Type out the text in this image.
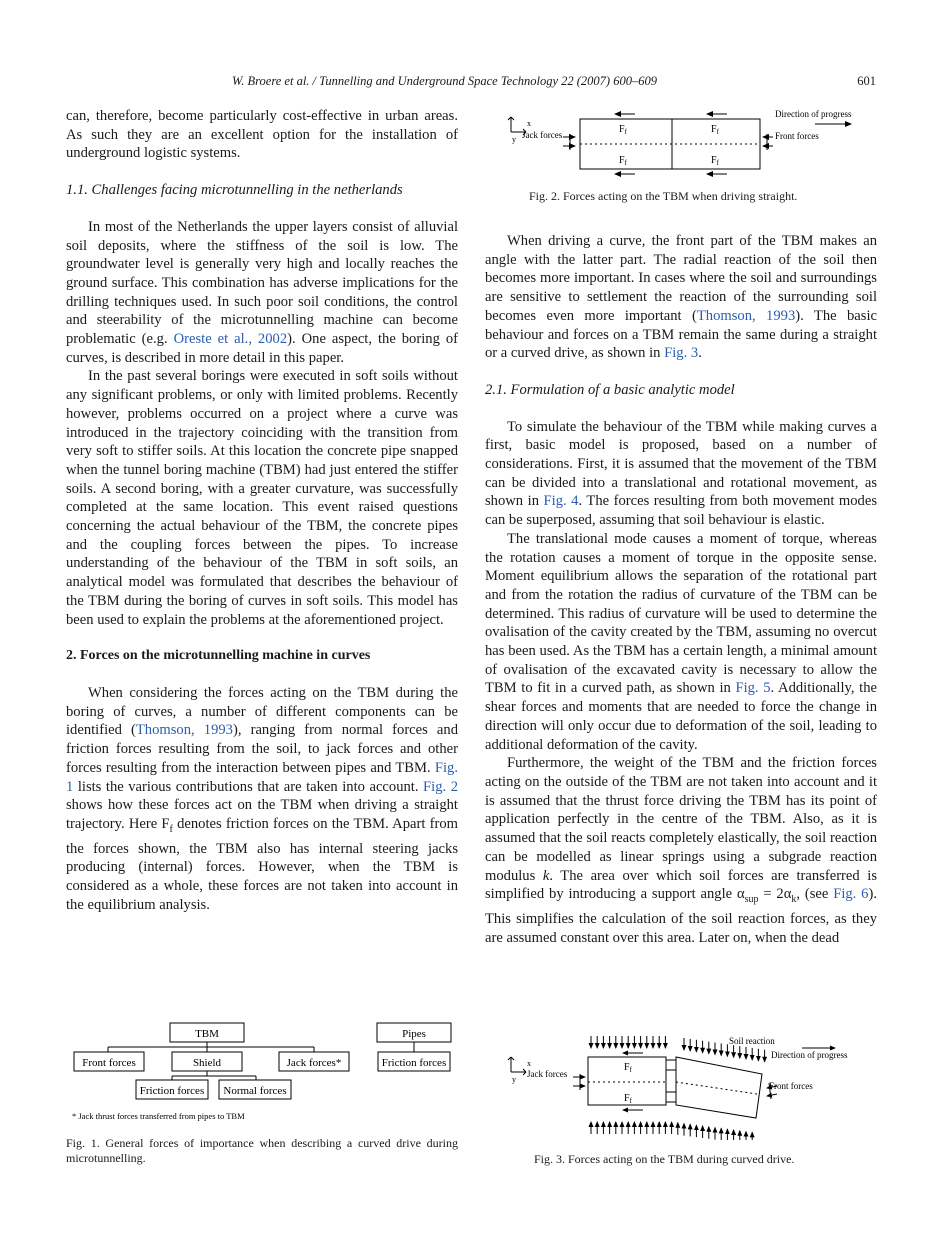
W. Broere et al. / Tunnelling and Underground Space Technology 22 (2007) 600–609	601

can, therefore, become particularly cost-effective in urban areas. As such they are an excellent option for the installation of underground logistic systems.

1.1. Challenges facing microtunnelling in the netherlands

In most of the Netherlands the upper layers consist of alluvial soil deposits, where the stiffness of the soil is low. The groundwater level is generally very high and locally reaches the ground surface. This combination has adverse implications for the drilling techniques used. In such poor soil conditions, the control and steerability of the microtunnelling machine can become problematic (e.g. Oreste et al., 2002). One aspect, the boring of curves, is described in more detail in this paper.

In the past several borings were executed in soft soils without any significant problems, or only with limited problems. Recently however, problems occurred on a project where a curve was introduced in the trajectory coinciding with the transition from very soft to stiffer soils. At this location the concrete pipe snapped when the tunnel boring machine (TBM) had just entered the stiffer soils. A second boring, with a greater curvature, was successfully completed at the same location. This event raised questions concerning the actual behaviour of the TBM, the concrete pipes and the coupling forces between the pipes. To increase understanding of the behaviour of the TBM in soft soils, an analytical model was formulated that describes the behaviour of the TBM during the boring of curves in soft soils. This model has been used to explain the problems at the aforementioned project.

2. Forces on the microtunnelling machine in curves

When considering the forces acting on the TBM during the boring of curves, a number of different components can be identified (Thomson, 1993), ranging from normal forces and friction forces resulting from the soil, to jack forces and other forces resulting from the interaction between pipes and TBM. Fig. 1 lists the various contributions that are taken into account. Fig. 2 shows how these forces act on the TBM when driving a straight trajectory. Here $F_f$ denotes friction forces on the TBM. Apart from the forces shown, the TBM also has internal steering jacks producing (internal) forces. However, when the TBM is considered as a whole, these forces are not taken into account in the equilibrium analysis.

When driving a curve, the front part of the TBM makes an angle with the latter part. The radial reaction of the soil then becomes more important. In cases where the soil and surroundings are sensitive to settlement the reaction of the surrounding soil becomes even more important (Thomson, 1993). The basic behaviour and forces on a TBM remain the same during a straight or a curved drive, as shown in Fig. 3.

2.1. Formulation of a basic analytic model

To simulate the behaviour of the TBM while making curves a first, basic model is proposed, based on a number of considerations. First, it is assumed that the movement of the TBM can be divided into a translational and rotational movement, as shown in Fig. 4. The forces resulting from both movement modes can be superposed, assuming that soil behaviour is elastic.

The translational mode causes a moment of torque, whereas the rotation causes a moment of torque in the opposite sense. Moment equilibrium allows the separation of the rotational part and from the rotation the radius of curvature of the TBM can be determined. This radius of curvature will be used to determine the ovalisation of the cavity created by the TBM, assuming no overcut has been used. As the TBM has a certain length, a minimal amount of ovalisation of the excavated cavity is necessary to allow the TBM to fit in a curved path, as shown in Fig. 5. Additionally, the shear forces and moments that are needed to force the change in direction will only occur due to deformation of the soil, leading to additional deformation of the cavity.

Furthermore, the weight of the TBM and the friction forces acting on the outside of the TBM are not taken into account and it is assumed that the thrust force driving the TBM has its point of application perfectly in the centre of the TBM. Also, as it is assumed that the soil reacts completely elastically, the soil reaction can be modelled as linear springs using a subgrade reaction modulus k. The area over which soil forces are transferred is simplified by introducing a support angle $\alpha_{sup} = 2\alpha_k$, (see Fig. 6). This simplifies the calculation of the soil reaction forces, as they are assumed constant over this area. Later on, when the dead

x
y Jack forces	$F_f$	$F_f$
$F_f$	$F_f$
Direction of progress
Front forces
Fig. 2. Forces acting on the TBM when driving straight.
TBM	Pipes
Front forces	Shield	Jack forces*	Friction forces
Friction forces Normal forces
* Jack thrust forces transferred from pipes to TBM
Fig. 1. General forces of importance when describing a curved drive during microtunnelling.
Soil reaction
Direction of progress
x
y
Jack forces
$F_f$
$F_f$
Front forces
Fig. 3. Forces acting on the TBM during curved drive.
